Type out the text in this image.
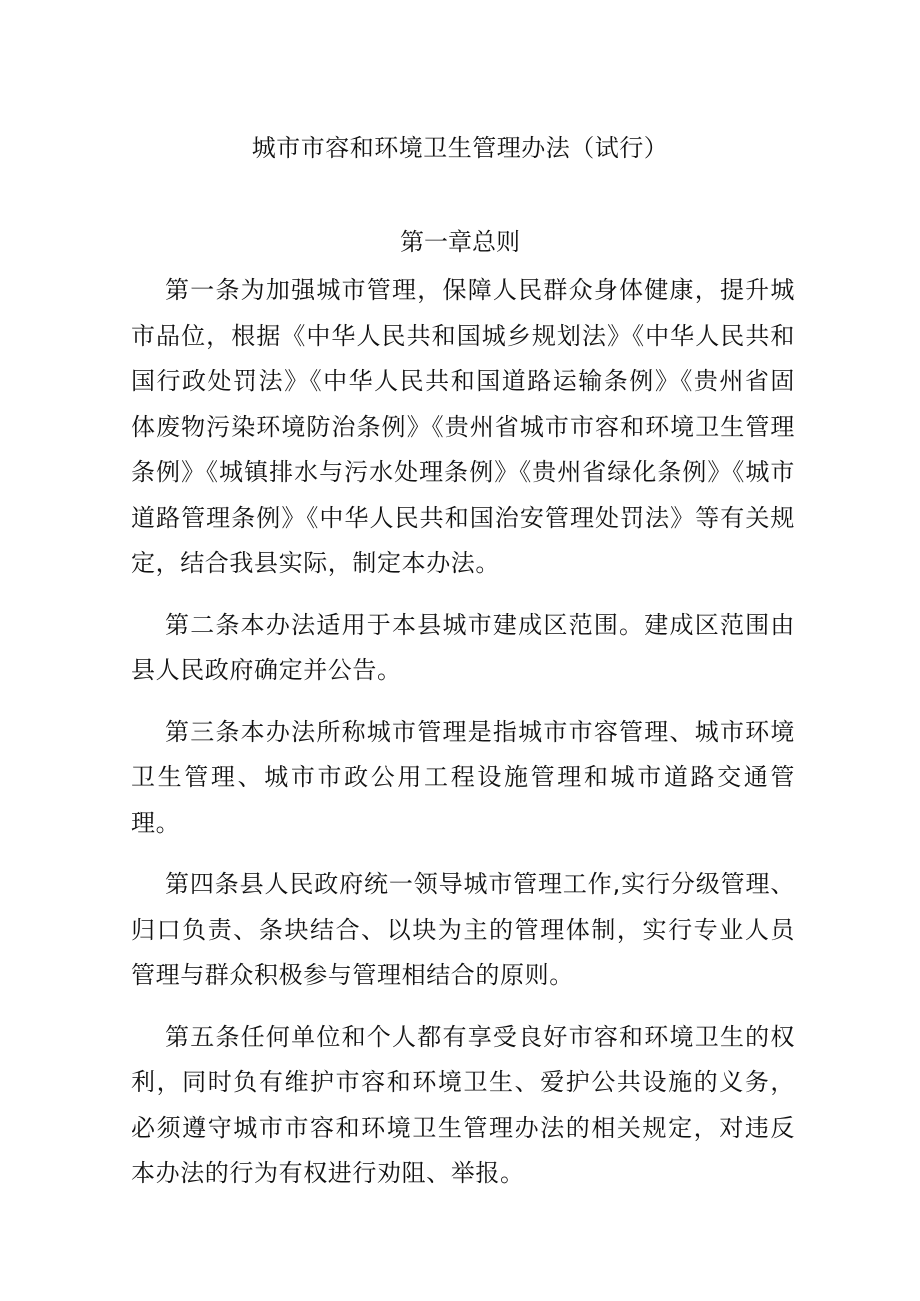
城市市容和环境卫生管理办法（试行）
第一章总则

第一条为加强城市管理，保障人民群众身体健康，提升城市品位，根据《中华人民共和国城乡规划法》《中华人民共和国行政处罚法》《中华人民共和国道路运输条例》《贵州省固体废物污染环境防治条例》《贵州省城市市容和环境卫生管理条例》《城镇排水与污水处理条例》《贵州省绿化条例》《城市道路管理条例》《中华人民共和国治安管理处罚法》等有关规定，结合我县实际，制定本办法。

第二条本办法适用于本县城市建成区范围。建成区范围由县人民政府确定并公告。

第三条本办法所称城市管理是指城市市容管理、城市环境卫生管理、城市市政公用工程设施管理和城市道路交通管理。

第四条县人民政府统一领导城市管理工作,实行分级管理、归口负责、条块结合、以块为主的管理体制，实行专业人员管理与群众积极参与管理相结合的原则。

第五条任何单位和个人都有享受良好市容和环境卫生的权利，同时负有维护市容和环境卫生、爱护公共设施的义务，必须遵守城市市容和环境卫生管理办法的相关规定，对违反本办法的行为有权进行劝阻、举报。
